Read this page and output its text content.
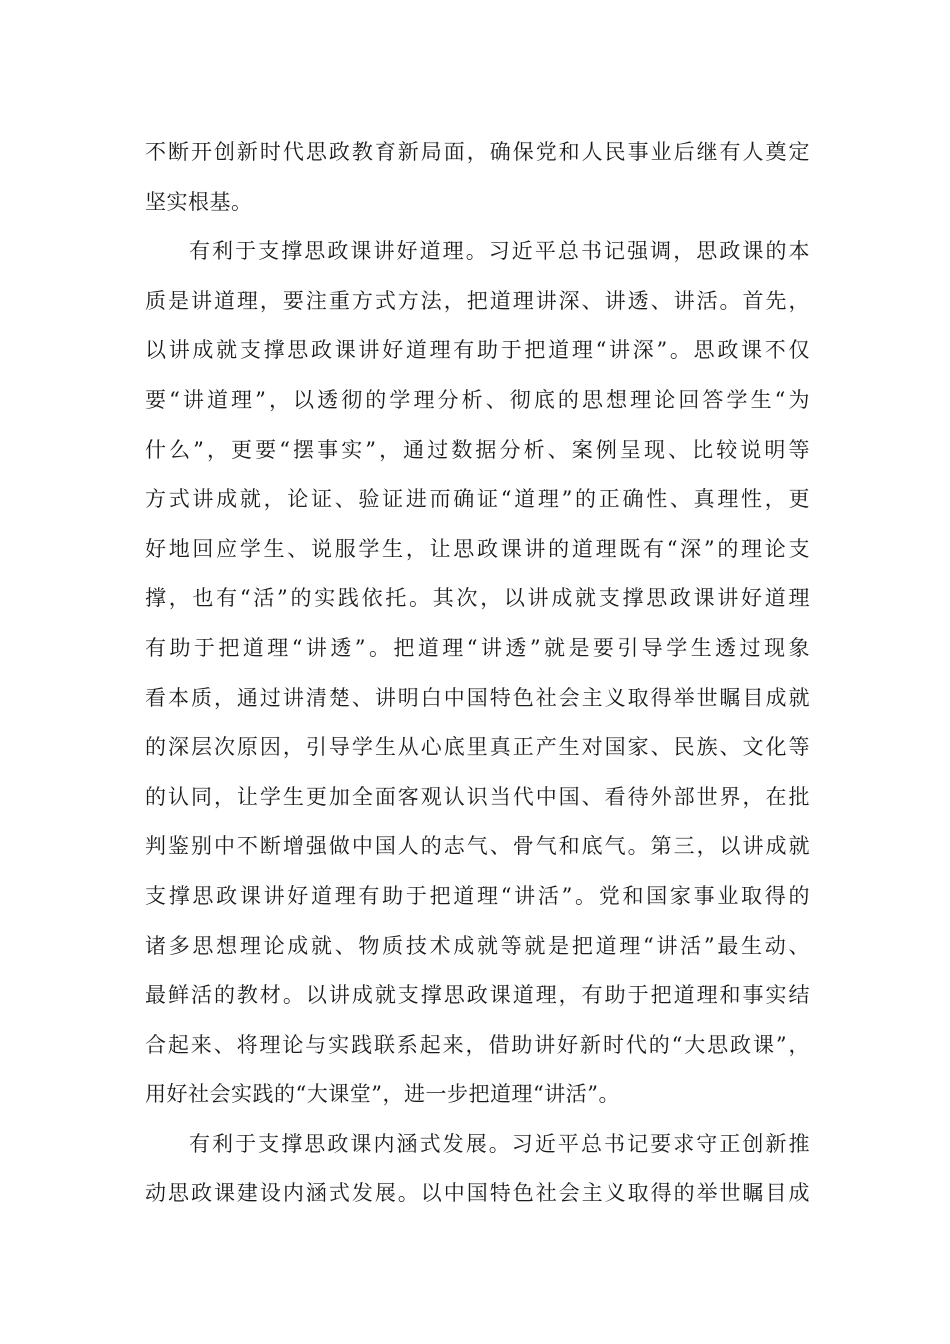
不断开创新时代思政教育新局面，确保党和人民事业后继有人奠定
坚实根基。
有利于支撑思政课讲好道理。习近平总书记强调，思政课的本
质是讲道理，要注重方式方法，把道理讲深、讲透、讲活。首先，
以讲成就支撑思政课讲好道理有助于把道理“讲深”。思政课不仅
要“讲道理”，以透彻的学理分析、彻底的思想理论回答学生“为
什么”，更要“摆事实”，通过数据分析、案例呈现、比较说明等
方式讲成就，论证、验证进而确证“道理”的正确性、真理性，更
好地回应学生、说服学生，让思政课讲的道理既有“深”的理论支
撑，也有“活”的实践依托。其次，以讲成就支撑思政课讲好道理
有助于把道理“讲透”。把道理“讲透”就是要引导学生透过现象
看本质，通过讲清楚、讲明白中国特色社会主义取得举世瞩目成就
的深层次原因，引导学生从心底里真正产生对国家、民族、文化等
的认同，让学生更加全面客观认识当代中国、看待外部世界，在批
判鉴别中不断增强做中国人的志气、骨气和底气。第三，以讲成就
支撑思政课讲好道理有助于把道理“讲活”。党和国家事业取得的
诸多思想理论成就、物质技术成就等就是把道理“讲活”最生动、
最鲜活的教材。以讲成就支撑思政课道理，有助于把道理和事实结
合起来、将理论与实践联系起来，借助讲好新时代的“大思政课”，
用好社会实践的“大课堂”，进一步把道理“讲活”。
有利于支撑思政课内涵式发展。习近平总书记要求守正创新推
动思政课建设内涵式发展。以中国特色社会主义取得的举世瞩目成
